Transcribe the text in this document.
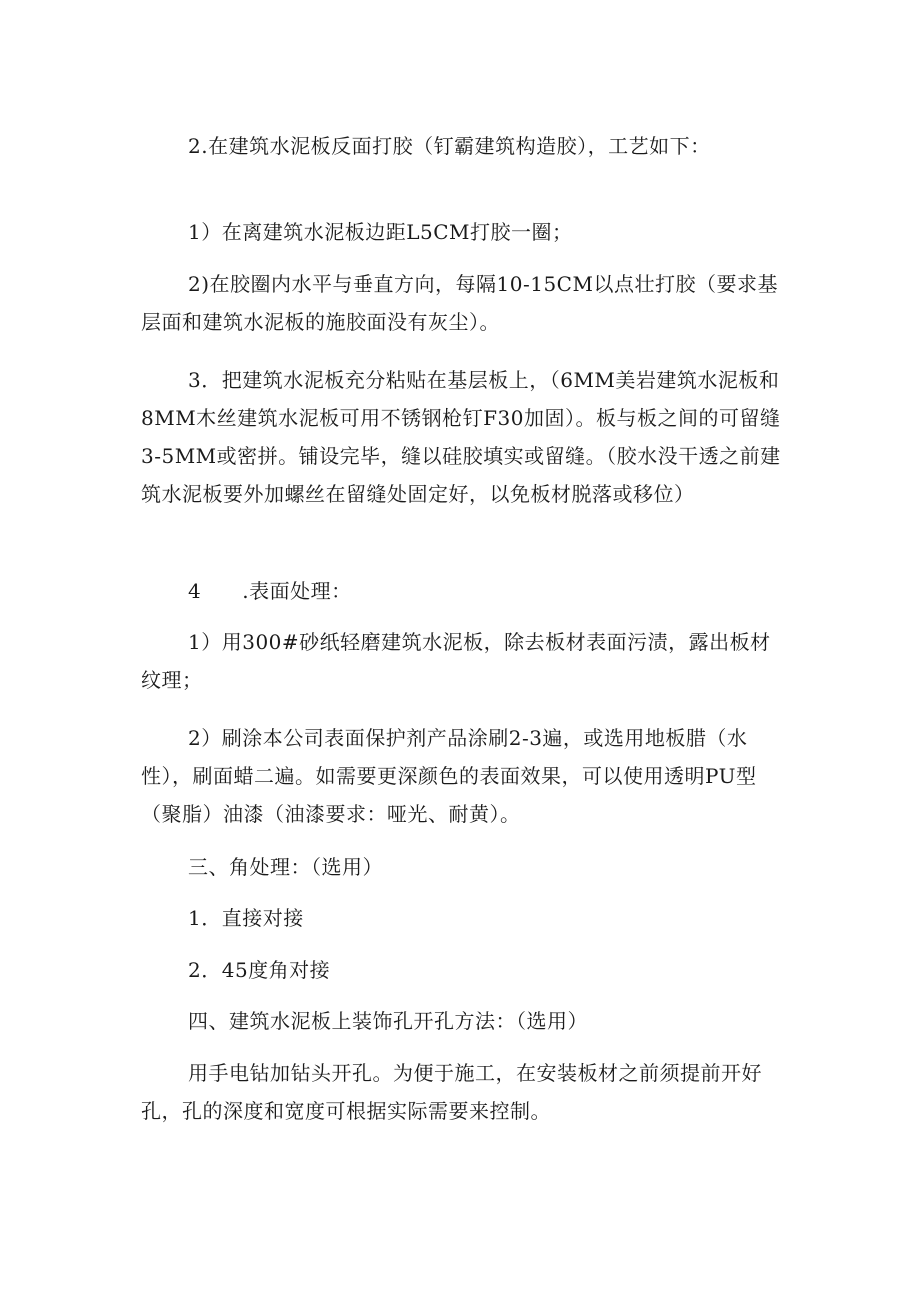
2.在建筑水泥板反面打胶（钉霸建筑构造胶），工艺如下：

1）在离建筑水泥板边距L5CM打胶一圈；

2)在胶圈内水平与垂直方向，每隔10-15CM以点壮打胶（要求基层面和建筑水泥板的施胶面没有灰尘）。

3．把建筑水泥板充分粘贴在基层板上，（6MM美岩建筑水泥板和8MM木丝建筑水泥板可用不锈钢枪钉F30加固）。板与板之间的可留缝3-5MM或密拼。铺设完毕，缝以硅胶填实或留缝。（胶水没干透之前建筑水泥板要外加螺丝在留缝处固定好，以免板材脱落或移位）

4　　.表面处理：

1）用300#砂纸轻磨建筑水泥板，除去板材表面污渍，露出板材纹理；

2）刷涂本公司表面保护剂产品涂刷2-3遍，或选用地板腊（水性），刷面蜡二遍。如需要更深颜色的表面效果，可以使用透明PU型（聚脂）油漆（油漆要求：哑光、耐黄）。

三、角处理：（选用）

1．直接对接

2．45度角对接

四、建筑水泥板上装饰孔开孔方法：（选用）

用手电钻加钻头开孔。为便于施工，在安装板材之前须提前开好孔，孔的深度和宽度可根据实际需要来控制。
